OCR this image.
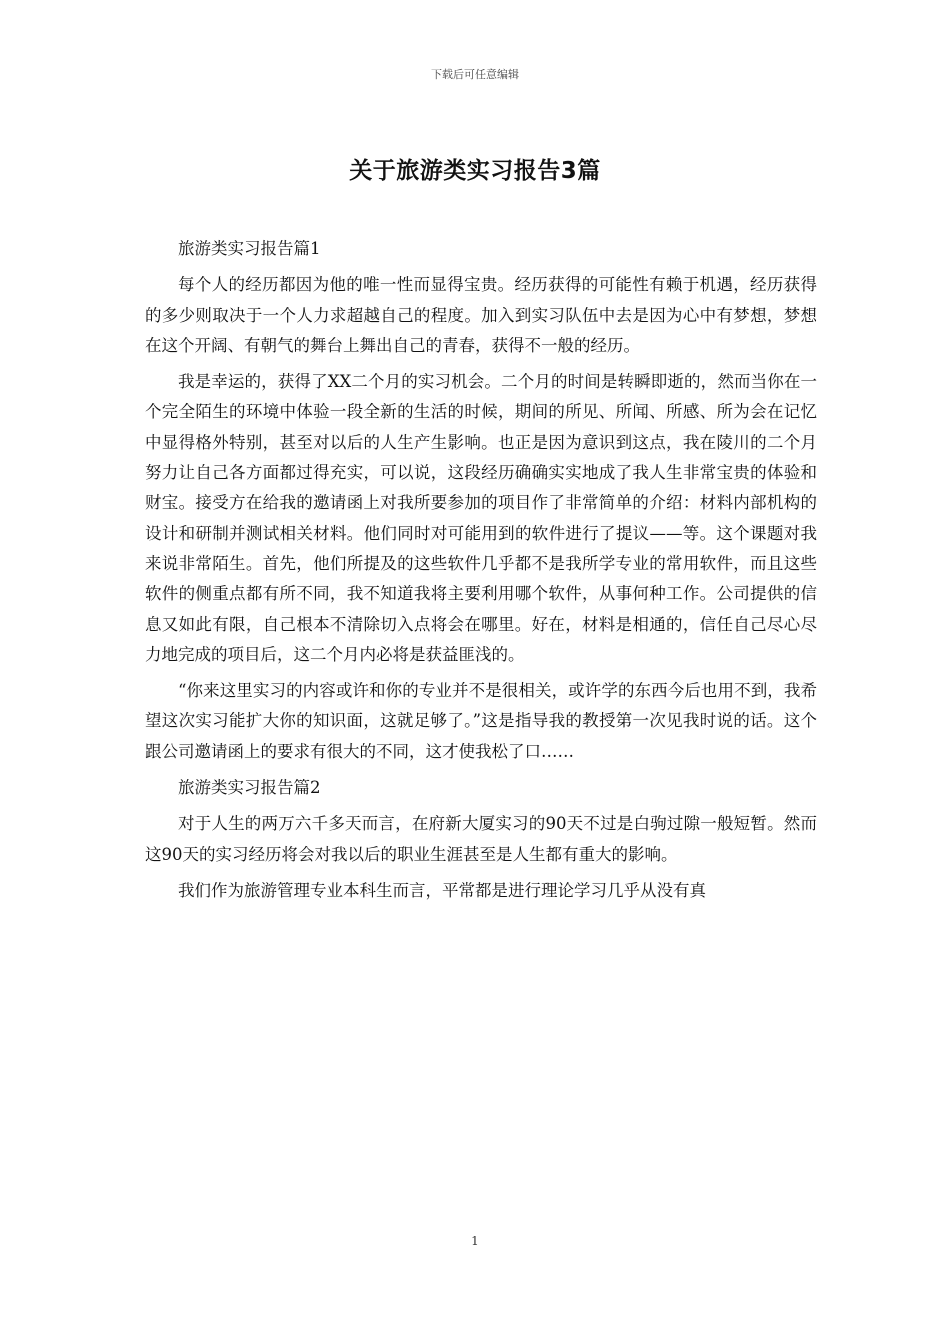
下载后可任意编辑
关于旅游类实习报告3篇

旅游类实习报告篇1

每个人的经历都因为他的唯一性而显得宝贵。经历获得的可能性有赖于机遇，经历获得的多少则取决于一个人力求超越自己的程度。加入到实习队伍中去是因为心中有梦想，梦想在这个开阔、有朝气的舞台上舞出自己的青春，获得不一般的经历。

我是幸运的，获得了XX二个月的实习机会。二个月的时间是转瞬即逝的，然而当你在一个完全陌生的环境中体验一段全新的生活的时候，期间的所见、所闻、所感、所为会在记忆中显得格外特别，甚至对以后的人生产生影响。也正是因为意识到这点，我在陵川的二个月努力让自己各方面都过得充实，可以说，这段经历确确实实地成了我人生非常宝贵的体验和财宝。接受方在给我的邀请函上对我所要参加的项目作了非常简单的介绍：材料内部机构的设计和研制并测试相关材料。他们同时对可能用到的软件进行了提议——等。这个课题对我来说非常陌生。首先，他们所提及的这些软件几乎都不是我所学专业的常用软件，而且这些软件的侧重点都有所不同，我不知道我将主要利用哪个软件，从事何种工作。公司提供的信息又如此有限，自己根本不清除切入点将会在哪里。好在，材料是相通的，信任自己尽心尽力地完成的项目后，这二个月内必将是获益匪浅的。

“你来这里实习的内容或许和你的专业并不是很相关，或许学的东西今后也用不到，我希望这次实习能扩大你的知识面，这就足够了。”这是指导我的教授第一次见我时说的话。这个跟公司邀请函上的要求有很大的不同，这才使我松了口……

旅游类实习报告篇2

对于人生的两万六千多天而言，在府新大厦实习的90天不过是白驹过隙一般短暂。然而这90天的实习经历将会对我以后的职业生涯甚至是人生都有重大的影响。

我们作为旅游管理专业本科生而言，平常都是进行理论学习几乎从没有真

1
